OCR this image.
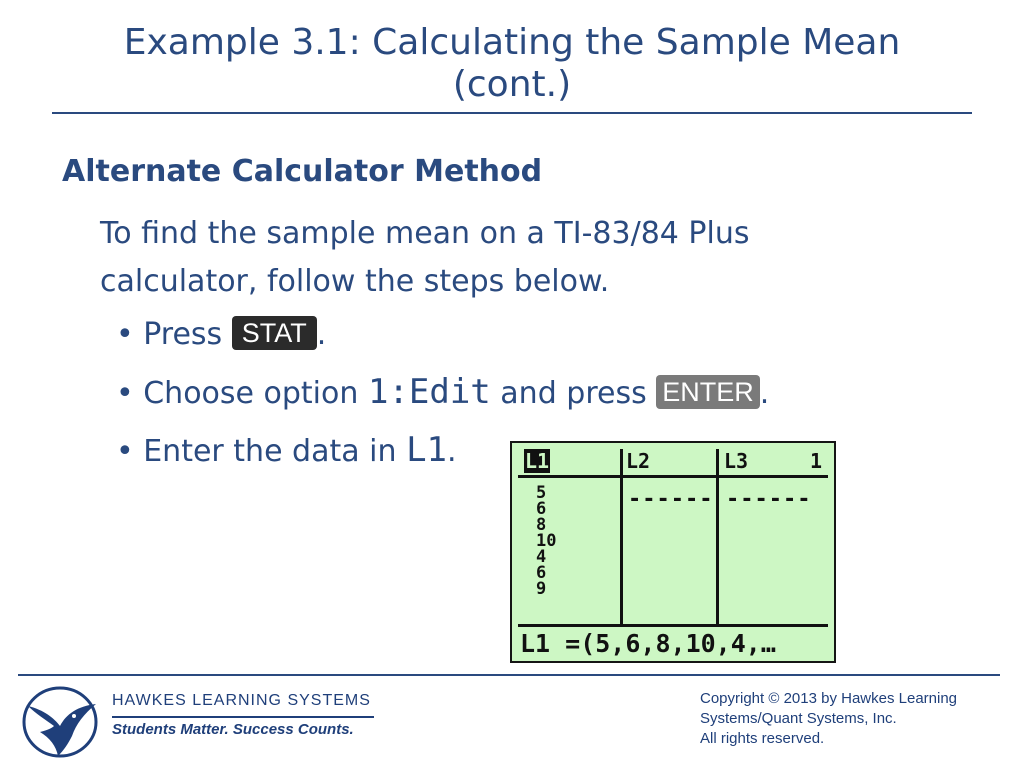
Example 3.1: Calculating the Sample Mean
(cont.)
Alternate Calculator Method
To find the sample mean on a TI-83/84 Plus calculator, follow the steps below.
• Press STAT .
• Choose option 1:Edit and press ENTER .
• Enter the data in L1.	L1	L2	L3	1
------ ------
5
6
8
10
4
6
9
L1 =(5,6,8,10,4,…
HAWKES LEARNING SYSTEMS
Students Matter. Success Counts.
Copyright © 2013 by Hawkes Learning
Systems/Quant Systems, Inc.
All rights reserved.
